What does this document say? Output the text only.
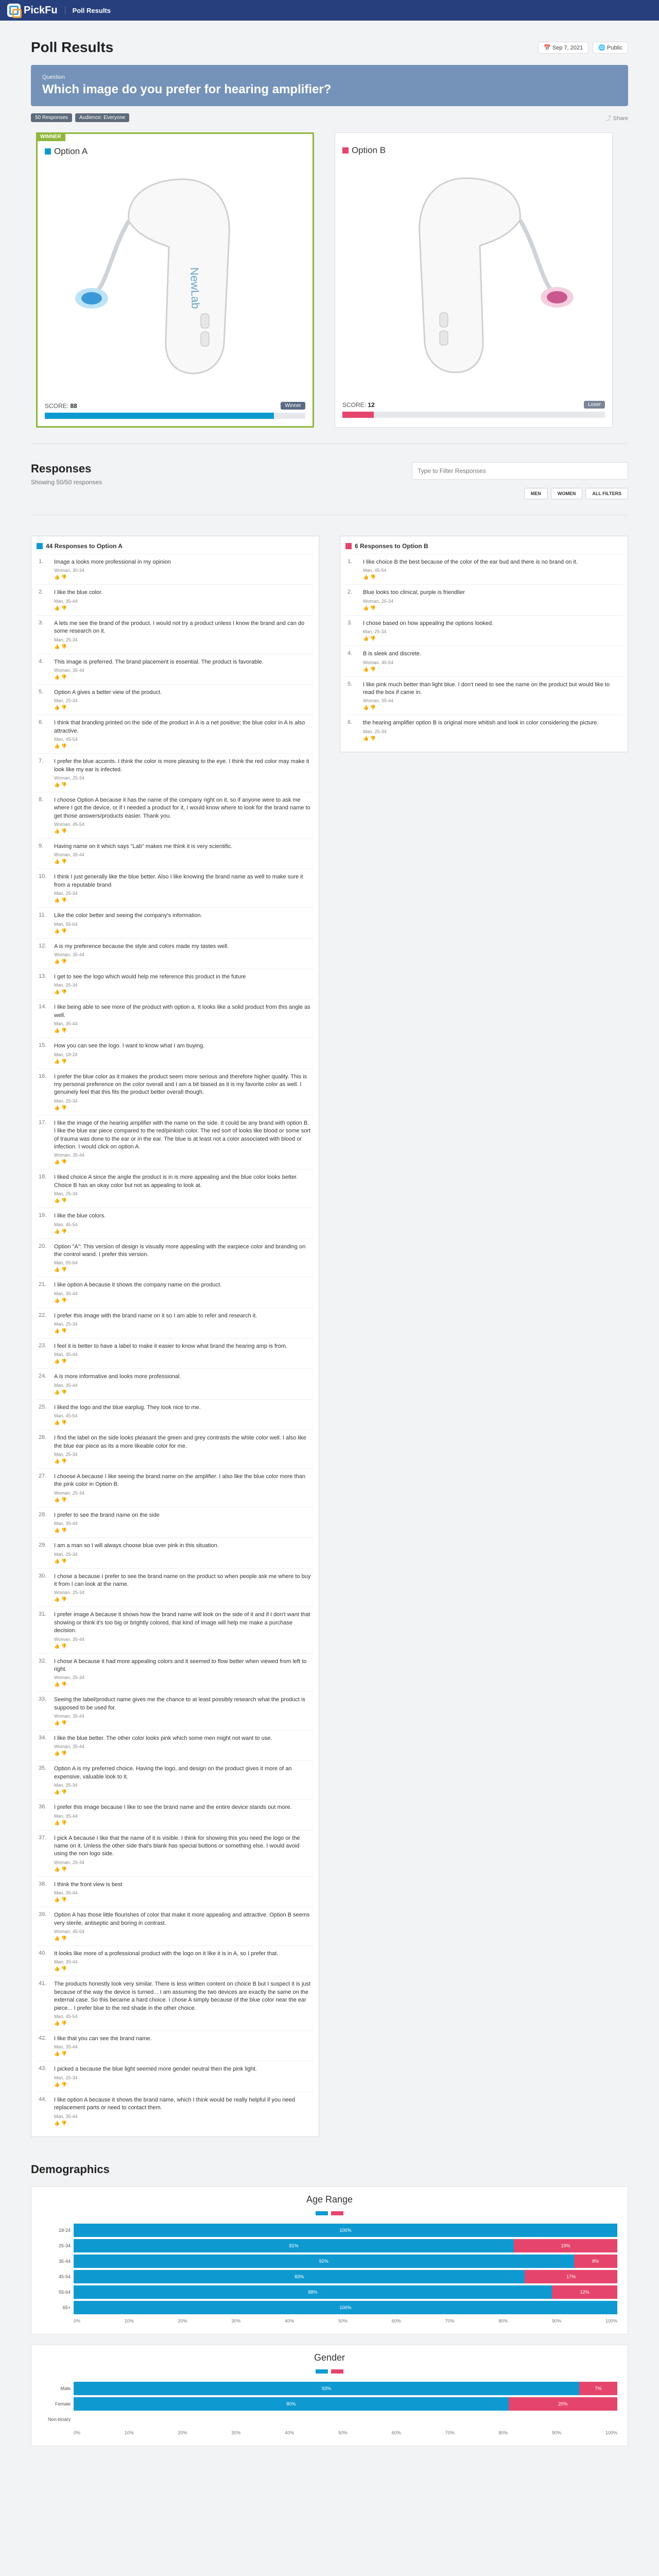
PickFu	Poll Results
Poll Results	📅 Sep 7, 2021	🌐 Public
Question
Which image do you prefer for hearing amplifier?
50 Responses	Audience: Everyone	⤴ Share
WINNER
Option A
NewLab
SCORE: 88	Winner
Option B
SCORE: 12	Loser
Responses
Showing 50/50 responses
Type to Filter Responses
MEN	WOMEN	ALL FILTERS
44 Responses to Option A
1.	Image a looks more professional in my opinion
Woman, 30-34
👍 👎
2.	I like the blue color.
Man, 35-44
👍 👎
3.	A lets me see the brand of the product. I would not try a product unless I know the brand and can do some research on it.
Man, 25-34
👍 👎
4.	This image is preferred. The brand placement is essential. The product is favorable.
Woman, 35-44
👍 👎
5.	Option A gives a better view of the product.
Man, 25-34
👍 👎
6.	I think that branding printed on the side of the product in A is a net positive; the blue color in A is also attractive.
Man, 45-54
👍 👎
7.	I prefer the blue accents. I think the color is more pleasing to the eye. I think the red color may make it look like my ear is infected.
Woman, 25-34
👍 👎
8.	I choose Option A because it has the name of the company right on it, so if anyone were to ask me where I got the device, or if I needed a product for it, I would know where to look for the brand name to get those answers/products easier. Thank you.
Woman, 45-54
👍 👎
9.	Having name on it which says "Lab" makes me think it is very scientific.
Woman, 35-44
👍 👎
10.	I think I just generally like the blue better. Also I like knowing the brand name as well to make sure it from a reputable brand
Man, 25-34
👍 👎
11.	Like the color better and seeing the company's information.
Man, 55-64
👍 👎
12.	A is my preference because the style and colors made my tastes well.
Woman, 35-44
👍 👎
13.	I get to see the logo which would help me reference this product in the future
Man, 25-34
👍 👎
14.	I like being able to see more of the product with option a. It looks like a solid product from this angle as well.
Man, 35-44
👍 👎
15.	How you can see the logo. I want to know what I am buying.
Man, 18-24
👍 👎
16.	I prefer the blue color as it makes the product seem more serious and therefore higher quality. This is my personal preference on the color overall and I am a bit biased as it is my favorite color as well. I genuinely feel that this fits the product better overall though.
Man, 25-34
👍 👎
17.	I like the image of the hearing amplifier with the name on the side. It could be any brand with option B. I like the blue ear piece compared to the red/pinkish color. The red sort of looks like blood or some sort of trauma was done to the ear or in the ear. The blue is at least not a color associated with blood or infection. I would click on option A.
Woman, 35-44
👍 👎
18.	I liked choice A since the angle the product is in is more appealing and the blue color looks better. Choice B has an okay color but not as appealing to look at.
Man, 25-34
👍 👎
19.	I like the blue colors.
Man, 45-54
👍 👎
20.	Option "A": This version of design is visually more appealing with the earpiece color and branding on the control wand. I prefer this version.
Man, 55-64
👍 👎
21.	I like option A because it shows the company name on the product.
Man, 35-44
👍 👎
22.	I prefer this image with the brand name on it so I am able to refer and research it.
Man, 25-34
👍 👎
23.	I feel it is better to have a label to make it easier to know what brand the hearing amp is from.
Man, 35-44
👍 👎
24.	A is more informative and looks more professional.
Man, 35-44
👍 👎
25.	I liked the logo and the blue earplug. They look nice to me.
Man, 45-54
👍 👎
26.	I find the label on the side looks pleasant the green and grey contrasts the white color well. I also like the blue ear piece as its a more likeable color for me.
Man, 25-34
👍 👎
27.	I choose A because I like seeing the brand name on the amplifier. I also like the blue color more than the pink color in Option B.
Woman, 25-34
👍 👎
28.	I prefer to see the brand name on the side
Man, 35-44
👍 👎
29.	I am a man so I will always choose blue over pink in this situation.
Man, 25-34
👍 👎
30.	I chose a because I prefer to see the brand name on the product so when people ask me where to buy it from I can look at the name.
Woman, 25-34
👍 👎
31.	I prefer image A because it shows how the brand name will look on the side of it and if I don't want that showing or think it's too big or brightly colored, that kind of image will help me make a purchase decision.
Woman, 35-44
👍 👎
32.	I chose A because it had more appealing colors and it seemed to flow better when viewed from left to right.
Woman, 25-34
👍 👎
33.	Seeing the label/product name gives me the chance to at least possibly research what the product is supposed to be used for.
Woman, 35-44
👍 👎
34.	I like the blue better. The other color looks pink which some men might not want to use.
Woman, 35-44
👍 👎
35.	Option A is my preferred choice. Having the logo, and design on the product gives it more of an expensive, valuable look to it.
Man, 25-34
👍 👎
36.	I prefer this image because I like to see the brand name and the entire device stands out more.
Man, 35-44
👍 👎
37.	I pick A because I like that the name of it is visible. I think for showing this you need the logo or the name on it. Unless the other side that's blank has special buttons or something else. I would avoid using the non logo side.
Woman, 25-34
👍 👎
38.	I think the front view is best
Man, 35-44
👍 👎
39.	Option A has those little flourishes of color that make it more appealing and attractive. Option B seems very sterile, antiseptic and boring in contrast.
Woman, 45-54
👍 👎
40.	It looks like more of a professional product with the logo on it like it is in A, so I prefer that.
Man, 35-44
👍 👎
41.	The products honestly look very similar. There is less written content on choice B but I suspect it is just because of the way the device is turned... I am assuming the two devices are exactly the same on the external case. So this became a hard choice. I chose A simply because of the blue color near the ear piece... I prefer blue to the red shade in the other choice.
Man, 45-54
👍 👎
42.	I like that you can see the brand name.
Man, 35-44
👍 👎
43.	I picked a because the blue light seemed more gender neutral then the pink light.
Man, 25-34
👍 👎
44.	I like option A because it shows the brand name, which I think would be really helpful if you need replacement parts or need to contact them.
Man, 35-44
👍 👎
6 Responses to Option B
1.	I like choice B the best because of the color of the ear bud and there is no brand on it.
Man, 45-54
👍 👎
2.	Blue looks too clinical, purple is friendlier
Woman, 25-34
👍 👎
3.	I chose based on how appealing the options looked.
Man, 25-34
👍 👎
4.	B is sleek and discrete.
Woman, 45-54
👍 👎
5.	I like pink much better than light blue. I don't need to see the name on the product but would like to read the box if came in.
Woman, 35-44
👍 👎
6.	the hearing amplifier option B is original more whitish and look in color considering the picture.
Man, 25-34
👍 👎
Demographics
Age Range
18-24	100%
25-34	81%	19%
35-44	92%	8%
45-54	83%	17%
55-64	88%	12%
65+	100%
0%	10%	20%	30%	40%	50%	60%	70%	80%	90%	100%
Gender
Male	93%	7%
Female	80%	20%
Non-binary
0%	10%	20%	30%	40%	50%	60%	70%	80%	90%	100%
